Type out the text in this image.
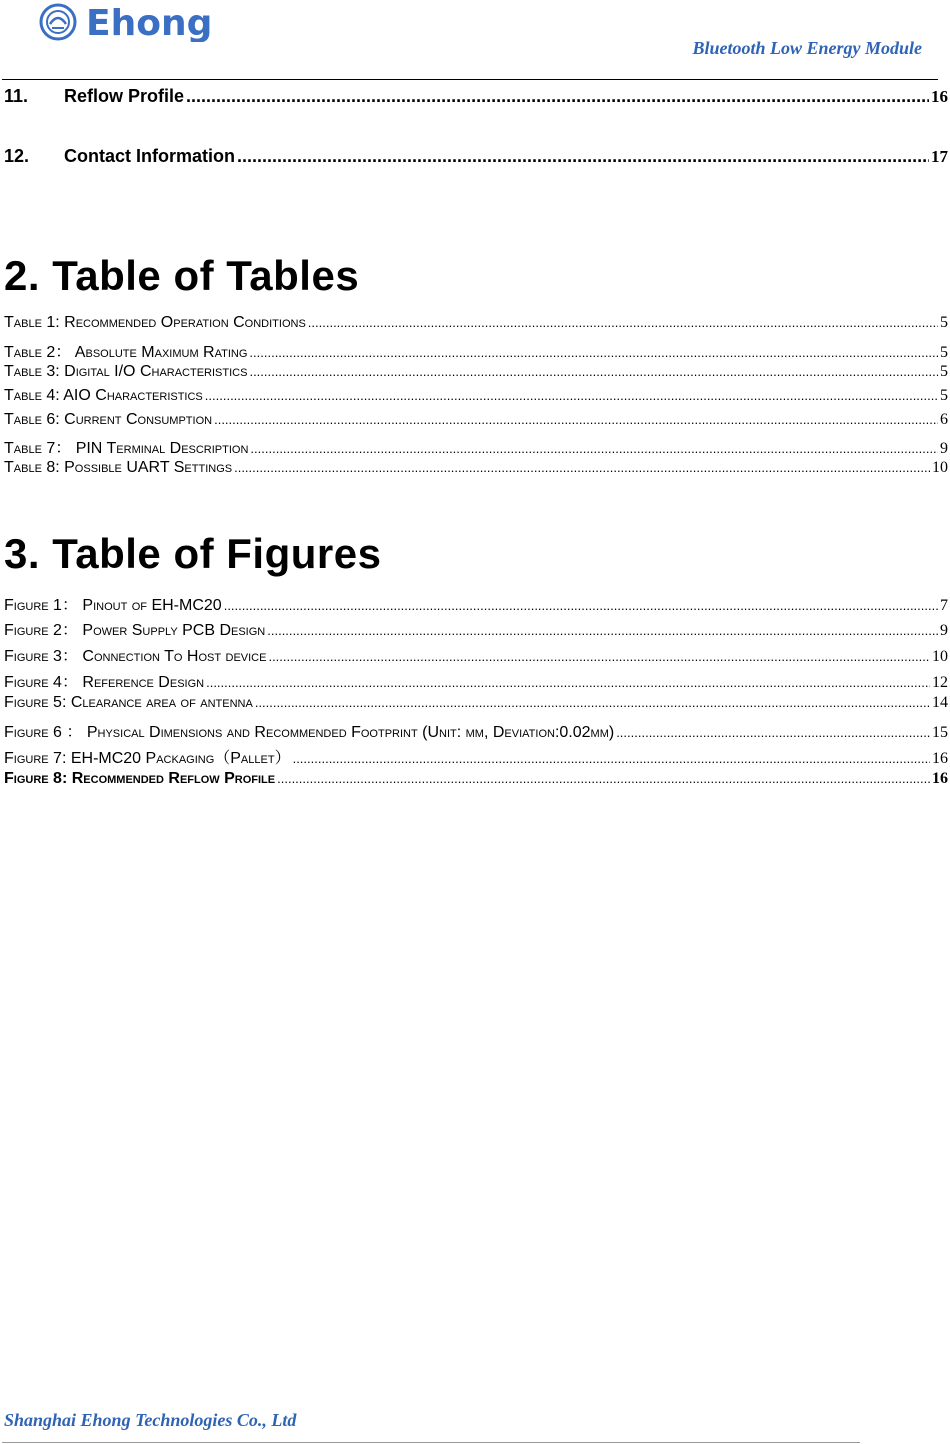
Ehong
Bluetooth Low Energy Module
11.	Reflow Profile .....	16
12.	Contact Information .....	17
2. Table of Tables
Table 1: Recommended Operation Conditions .....	5
Table 2： Absolute Maximum Rating .....	5
Table 3: Digital I/O Characteristics .....	5
Table 4: AIO Characteristics .....	5
Table 6: Current Consumption .....	6
Table 7： PIN Terminal Description .....	9
Table 8: Possible UART Settings .....	10
3. Table of Figures
Figure 1： Pinout of EH-MC20 .....	7
Figure 2： Power Supply PCB Design .....	9
Figure 3： Connection To Host device .....	10
Figure 4： Reference Design .....	12
Figure 5: Clearance area of antenna .....	14
Figure 6 ： Physical Dimensions and Recommended Footprint (Unit: mm, Deviation:0.02mm) .....	15
Figure 7: EH-MC20 Packaging（Pallet） .....	16
Figure 8: Recommended Reflow Profile .....	16
Shanghai Ehong Technologies Co., Ltd
